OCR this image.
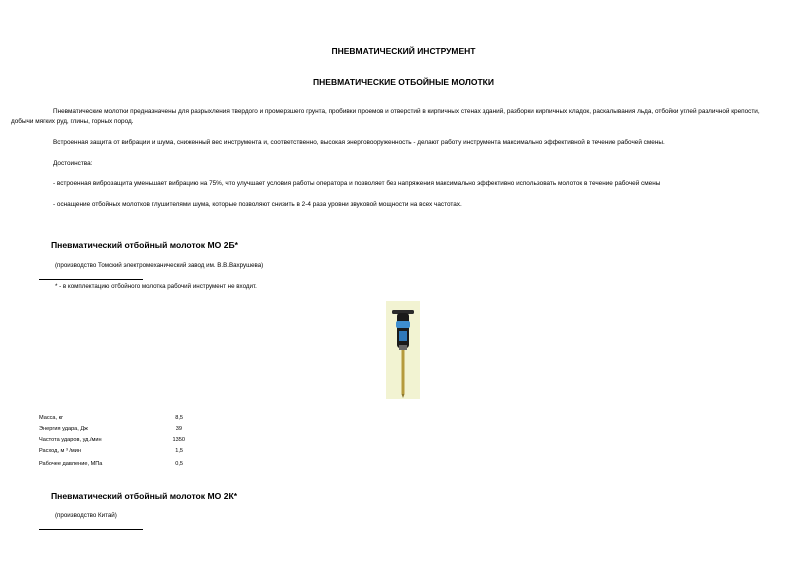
ПНЕВМАТИЧЕСКИЙ ИНСТРУМЕНТ
ПНЕВМАТИЧЕСКИЕ ОТБОЙНЫЕ МОЛОТКИ
Пневматические молотки предназначены для разрыхления твердого и промерзшего грунта, пробивки проемов и отверстий в кирпичных стенах зданий, разборки кирпичных кладок, раскалывания льда, отбойки углей различной крепости, добычи мягких руд, глины, горных пород.
Встроенная защита от вибрации и шума, сниженный вес инструмента и, соответственно, высокая энерговооруженность - делают работу инструмента максимально эффективной в течение рабочей смены.
Достоинства:
- встроенная виброзащита уменьшает вибрацию на 75%, что улучшает условия работы оператора и позволяет без напряжения максимально эффективно использовать молоток в течение рабочей смены
- оснащение отбойных молотков глушителями шума, которые позволяют снизить в 2-4 раза уровни звуковой мощности на всех частотах.
Пневматический отбойный молоток МО 2Б*
(производство Томский электромеханический завод им. В.В.Вахрушева)
* - в комплектацию отбойного молотка рабочий инструмент не входит.
Масса, кг	8,5
Энергия удара, Дж	39
Частота ударов, уд./мин	1350
Расход, м ³ /мин	1,5
Рабочее давление, МПа	0,5
Пневматический отбойный молоток МО 2К*
(производство Китай)
